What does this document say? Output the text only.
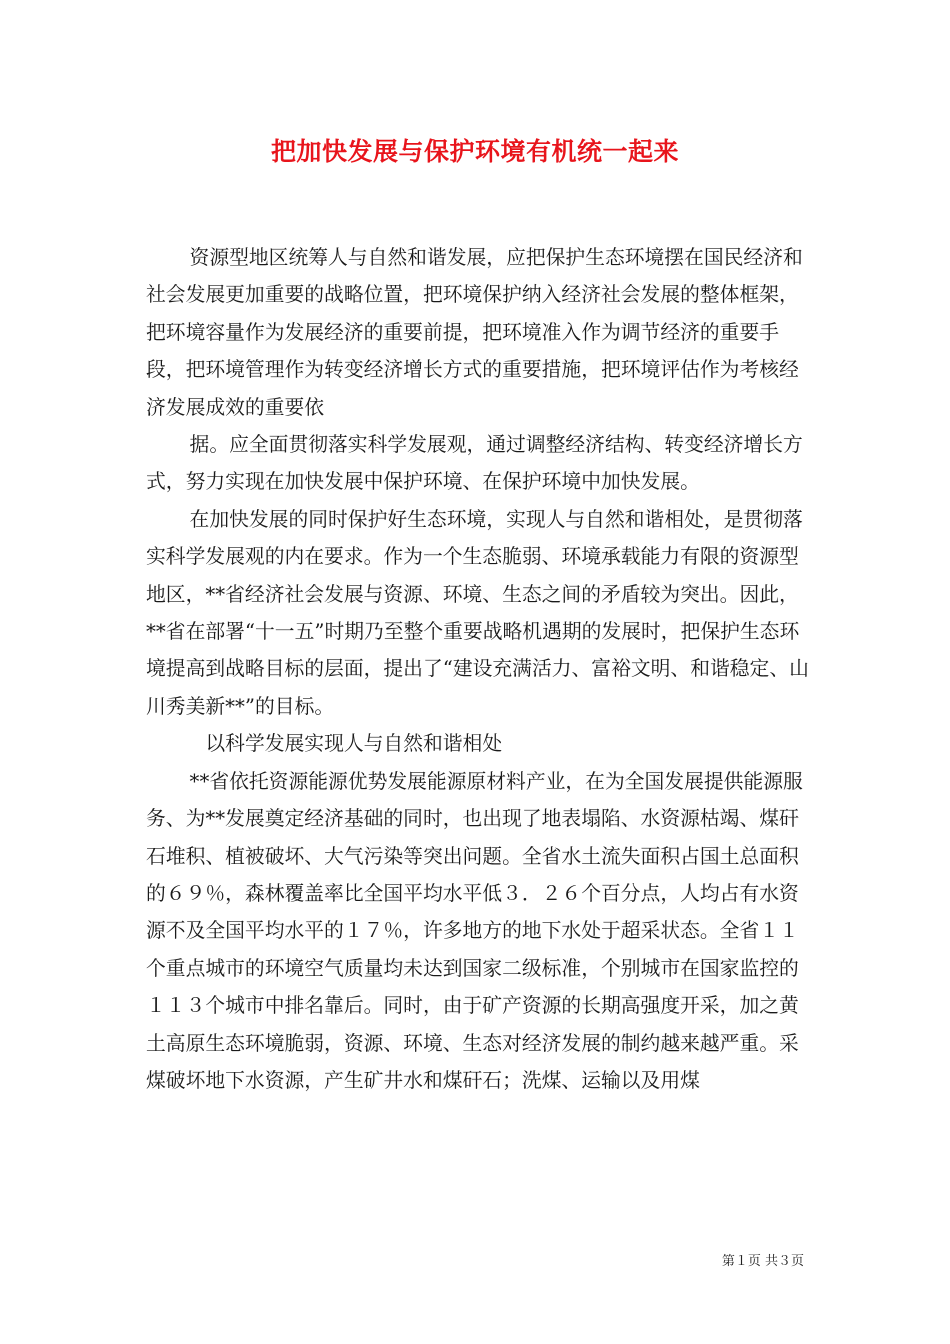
把加快发展与保护环境有机统一起来

资源型地区统筹人与自然和谐发展，应把保护生态环境摆在国民经济和社会发展更加重要的战略位置，把环境保护纳入经济社会发展的整体框架，把环境容量作为发展经济的重要前提，把环境准入作为调节经济的重要手段，把环境管理作为转变经济增长方式的重要措施，把环境评估作为考核经济发展成效的重要依

据。应全面贯彻落实科学发展观，通过调整经济结构、转变经济增长方式，努力实现在加快发展中保护环境、在保护环境中加快发展。

在加快发展的同时保护好生态环境，实现人与自然和谐相处，是贯彻落实科学发展观的内在要求。作为一个生态脆弱、环境承载能力有限的资源型地区，**省经济社会发展与资源、环境、生态之间的矛盾较为突出。因此，**省在部署“十一五”时期乃至整个重要战略机遇期的发展时，把保护生态环境提高到战略目标的层面，提出了“建设充满活力、富裕文明、和谐稳定、山川秀美新**”的目标。

以科学发展实现人与自然和谐相处

**省依托资源能源优势发展能源原材料产业，在为全国发展提供能源服务、为**发展奠定经济基础的同时，也出现了地表塌陷、水资源枯竭、煤矸石堆积、植被破坏、大气污染等突出问题。全省水土流失面积占国土总面积的６９％，森林覆盖率比全国平均水平低３．２６个百分点，人均占有水资源不及全国平均水平的１７％，许多地方的地下水处于超采状态。全省１１个重点城市的环境空气质量均未达到国家二级标准，个别城市在国家监控的１１３个城市中排名靠后。同时，由于矿产资源的长期高强度开采，加之黄土高原生态环境脆弱，资源、环境、生态对经济发展的制约越来越严重。采煤破坏地下水资源，产生矿井水和煤矸石；洗煤、运输以及用煤

第１页 共３页
